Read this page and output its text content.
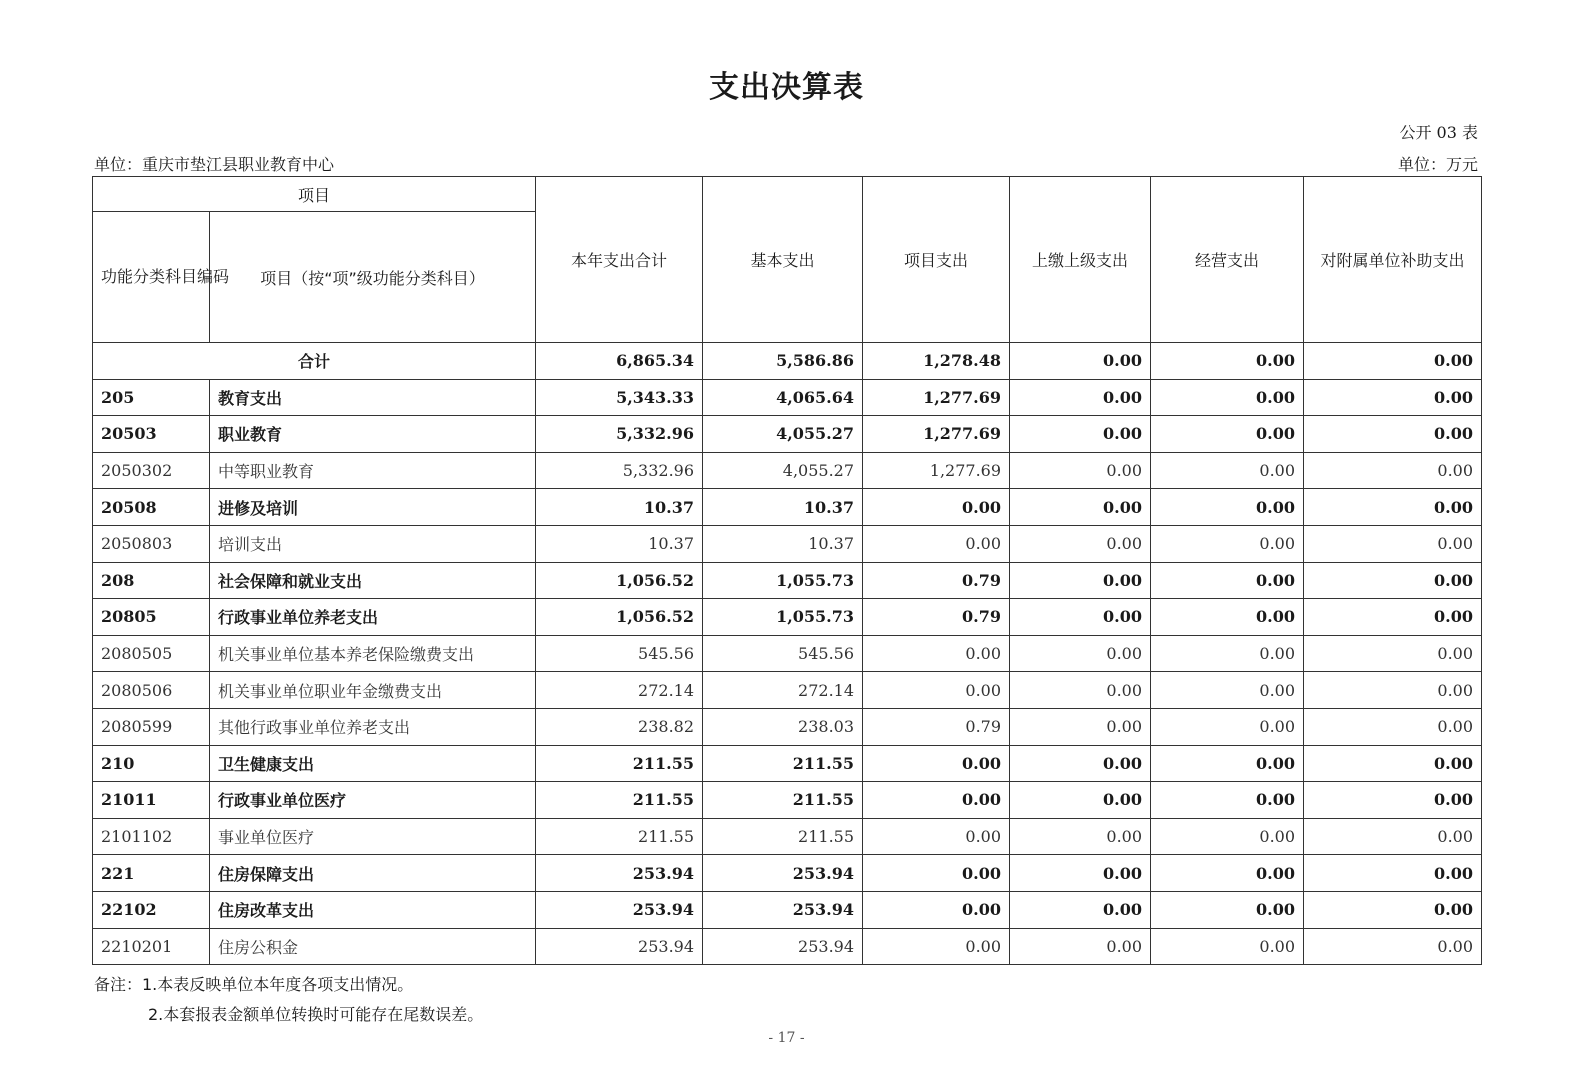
支出决算表
公开 03 表
单位：重庆市垫江县职业教育中心	单位：万元
项目		本年支出合计	基本支出	项目支出	上缴上级支出	经营支出	对附属单位补助支出
功能分类科目编码	项目（按“项”级功能分类科目）						
合计		6,865.34	5,586.86	1,278.48	0.00	0.00	0.00
205	教育支出	5,343.33	4,065.64	1,277.69	0.00	0.00	0.00
20503	职业教育	5,332.96	4,055.27	1,277.69	0.00	0.00	0.00
2050302	中等职业教育	5,332.96	4,055.27	1,277.69	0.00	0.00	0.00
20508	进修及培训	10.37	10.37	0.00	0.00	0.00	0.00
2050803	培训支出	10.37	10.37	0.00	0.00	0.00	0.00
208	社会保障和就业支出	1,056.52	1,055.73	0.79	0.00	0.00	0.00
20805	行政事业单位养老支出	1,056.52	1,055.73	0.79	0.00	0.00	0.00
2080505	机关事业单位基本养老保险缴费支出	545.56	545.56	0.00	0.00	0.00	0.00
2080506	机关事业单位职业年金缴费支出	272.14	272.14	0.00	0.00	0.00	0.00
2080599	其他行政事业单位养老支出	238.82	238.03	0.79	0.00	0.00	0.00
210	卫生健康支出	211.55	211.55	0.00	0.00	0.00	0.00
21011	行政事业单位医疗	211.55	211.55	0.00	0.00	0.00	0.00
2101102	事业单位医疗	211.55	211.55	0.00	0.00	0.00	0.00
221	住房保障支出	253.94	253.94	0.00	0.00	0.00	0.00
22102	住房改革支出	253.94	253.94	0.00	0.00	0.00	0.00
2210201	住房公积金	253.94	253.94	0.00	0.00	0.00	0.00
备注：1.本表反映单位本年度各项支出情况。
2.本套报表金额单位转换时可能存在尾数误差。
- 17 -
